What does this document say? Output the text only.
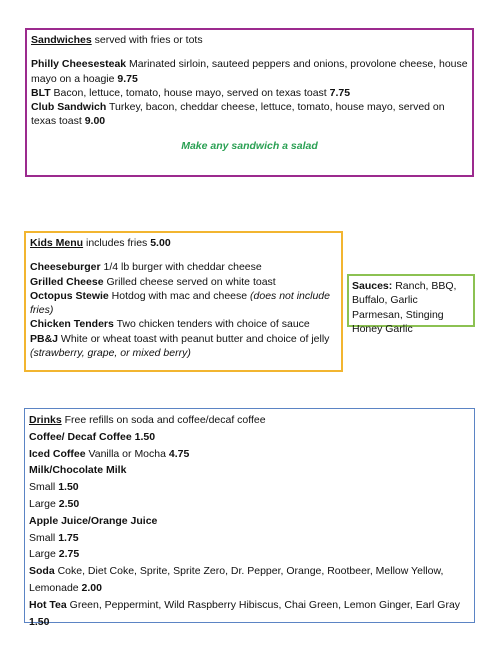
Sandwiches served with fries or tots

Philly Cheesesteak Marinated sirloin, sauteed peppers and onions, provolone cheese, house mayo on a hoagie 9.75

BLT Bacon, lettuce, tomato, house mayo, served on texas toast 7.75

Club Sandwich Turkey, bacon, cheddar cheese, lettuce, tomato, house mayo, served on texas toast 9.00

Make any sandwich a salad

Kids Menu includes fries 5.00

Cheeseburger 1/4 lb burger with cheddar cheese

Grilled Cheese Grilled cheese served on white toast

Octopus Stewie Hotdog with mac and cheese (does not include fries)

Chicken Tenders Two chicken tenders with choice of sauce

PB&J White or wheat toast with peanut butter and choice of jelly (strawberry, grape, or mixed berry)

Sauces: Ranch, BBQ, Buffalo, Garlic Parmesan, Stinging Honey Garlic

Drinks Free refills on soda and coffee/decaf coffee

Coffee/ Decaf Coffee 1.50

Iced Coffee Vanilla or Mocha 4.75

Milk/Chocolate Milk

Small 1.50

Large 2.50

Apple Juice/Orange Juice

Small 1.75

Large 2.75

Soda Coke, Diet Coke, Sprite, Sprite Zero, Dr. Pepper, Orange, Rootbeer, Mellow Yellow, Lemonade 2.00

Hot Tea Green, Peppermint, Wild Raspberry Hibiscus, Chai Green, Lemon Ginger, Earl Gray 1.50
